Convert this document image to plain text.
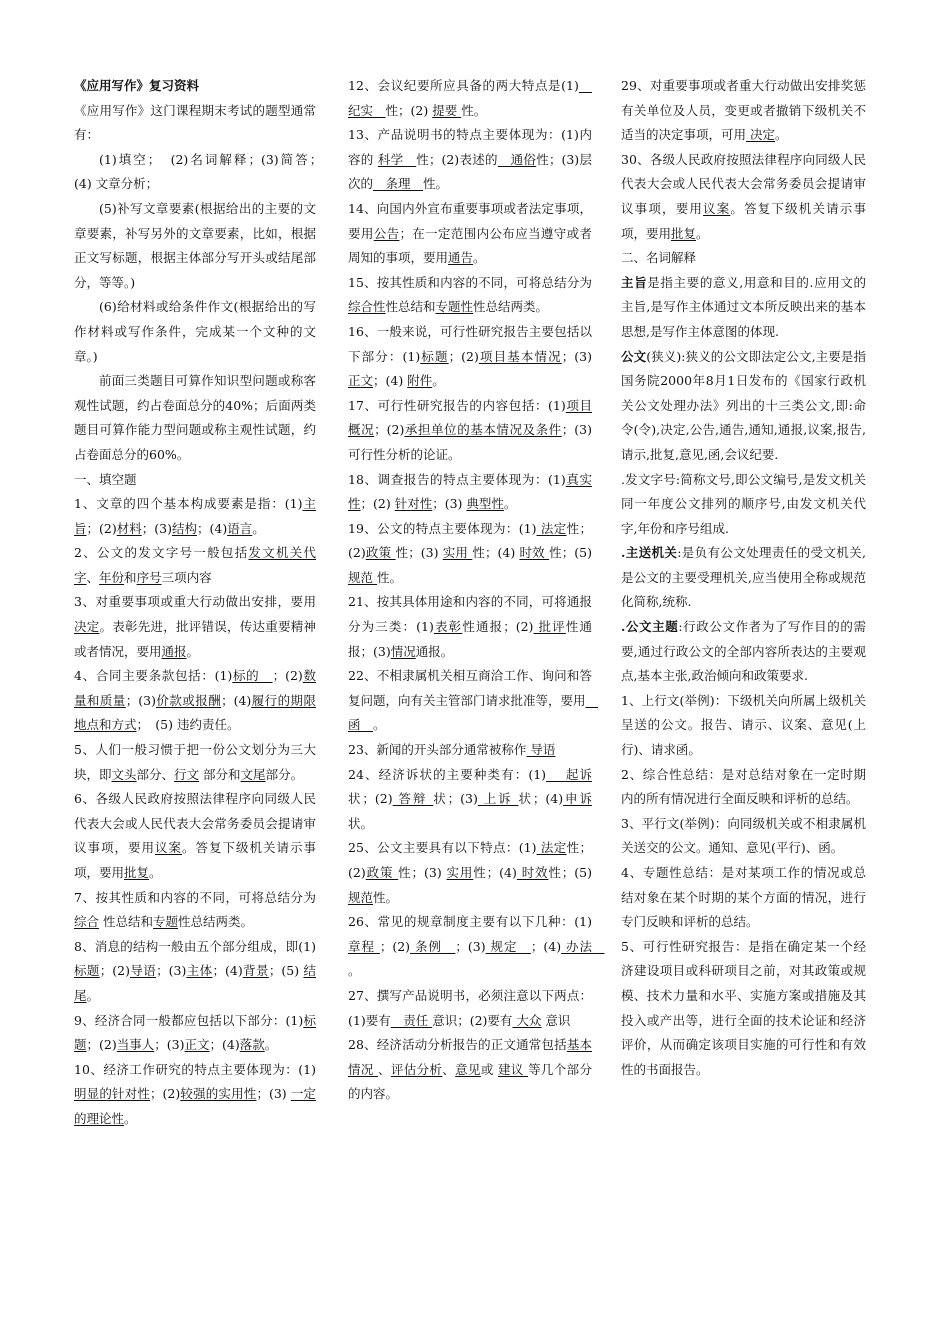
《应用写作》复习资料

《应用写作》这门课程期末考试的题型通常有：

(1)填空；　(2)名词解释；(3)简答；　　(4) 文章分析；

(5)补写文章要素(根据给出的主要的文章要素，补写另外的文章要素，比如，根据正文写标题，根据主体部分写开头或结尾部分，等等。)

(6)给材料或给条件作文(根据给出的写作材料或写作条件，完成某一个文种的文章。)

前面三类题目可算作知识型问题或称客观性试题，约占卷面总分的40%；后面两类题目可算作能力型问题或称主观性试题，约占卷面总分的60%。

一、填空题

1、文章的四个基本构成要素是指：(1)主旨；(2)材料；(3)结构；(4)语言。

2、公文的发文字号一般包括发文机关代字、年份和序号三项内容

3、对重要事项或重大行动做出安排，要用决定。表彰先进，批评错误，传达重要精神或者情况，要用通报。

4、合同主要条款包括：(1)标的　；(2)数量和质量；(3)价款或报酬；(4)履行的期限地点和方式；　(5) 违约责任。

5、人们一般习惯于把一份公文划分为三大块，即文头部分、行文 部分和文尾部分。

6、各级人民政府按照法律程序向同级人民代表大会或人民代表大会常务委员会提请审议事项，要用议案。答复下级机关请示事项，要用批复。

7、按其性质和内容的不同，可将总结分为 综合 性总结和专题性总结两类。

8、消息的结构一般由五个部分组成，即(1)标题；(2)导语；(3)主体；(4)背景；(5) 结尾。

9、经济合同一般都应包括以下部分：(1)标题；(2)当事人；(3)正文；(4)落款。

10、经济工作研究的特点主要体现为：(1)明显的针对性；(2)较强的实用性；(3) 一定的理论性。

12、会议纪要所应具备的两大特点是(1)　纪实　性；(2) 提要 性。

13、产品说明书的特点主要体现为：(1)内容的 科学　性；(2)表述的　通俗性；(3)层次的　条理　性。

14、向国内外宣布重要事项或者法定事项，要用公告；在一定范围内公布应当遵守或者周知的事项，要用通告。

15、按其性质和内容的不同，可将总结分为综合性性总结和专题性性总结两类。

16、一般来说，可行性研究报告主要包括以下部分：(1)标题；(2)项目基本情况；(3) 正文；(4) 附件。

17、可行性研究报告的内容包括：(1)项目概况；(2)承担单位的基本情况及条件；(3)可行性分析的论证。

18、调查报告的特点主要体现为：(1)真实性；(2) 针对性；(3) 典型性。

19、公文的特点主要体现为：(1) 法定性；(2)政策 性；(3) 实用 性；(4) 时效 性；(5) 规范 性。

21、按其具体用途和内容的不同，可将通报分为三类：(1)表彰性通报；(2) 批评性通报；(3)情况通报。

22、不相隶属机关相互商洽工作、询问和答复问题，向有关主管部门请求批准等，要用　函　。

23、新闻的开头部分通常被称作 导语

24、经济诉状的主要种类有：(1)　 起诉状；(2) 答辩 状；(3) 上诉 状；(4)申诉 状。

25、公文主要具有以下特点：(1) 法定性；(2)政策 性；(3) 实用性；(4) 时效性；(5)规范性。

26、常见的规章制度主要有以下几种：(1) 章程 ；(2) 条例　；(3) 规定　；(4) 办法　。

27、撰写产品说明书，必须注意以下两点：(1)要有　责任 意识；(2)要有 大众 意识

28、经济活动分析报告的正文通常包括基本情况 、评估分析、意见或 建议 等几个部分的内容。

29、对重要事项或者重大行动做出安排奖惩有关单位及人员，变更或者撤销下级机关不适当的决定事项，可用 决定。

30、各级人民政府按照法律程序向同级人民代表大会或人民代表大会常务委员会提请审议事项，要用议案。答复下级机关请示事项，要用批复。

二、名词解释

主旨是指主要的意义,用意和目的.应用文的主旨,是写作主体通过文本所反映出来的基本思想,是写作主体意图的体现.

公文(狭义):狭义的公文即法定公文,主要是指国务院2000年8月1日发布的《国家行政机关公文处理办法》列出的十三类公文,即:命令(令),决定,公告,通告,通知,通报,议案,报告,请示,批复,意见,函,会议纪要.

.发文字号:简称文号,即公文编号,是发文机关同一年度公文排列的顺序号,由发文机关代字,年份和序号组成.

.主送机关:是负有公文处理责任的受文机关,是公文的主要受理机关,应当使用全称或规范化简称,统称.

.公文主题:行政公文作者为了写作目的的需要,通过行政公文的全部内容所表达的主要观点,基本主张,政治倾向和政策要求.

1、上行文(举例)：下级机关向所属上级机关呈送的公文。报告、请示、议案、意见(上行)、请求函。

2、综合性总结：是对总结对象在一定时期内的所有情况进行全面反映和评析的总结。

3、平行文(举例)：向同级机关或不相隶属机关送交的公文。通知、意见(平行)、函。

4、专题性总结：是对某项工作的情况或总结对象在某个时期的某个方面的情况，进行专门反映和评析的总结。

5、可行性研究报告：是指在确定某一个经济建设项目或科研项目之前，对其政策或规模、技术力量和水平、实施方案或措施及其投入或产出等，进行全面的技术论证和经济评价，从而确定该项目实施的可行性和有效性的书面报告。
